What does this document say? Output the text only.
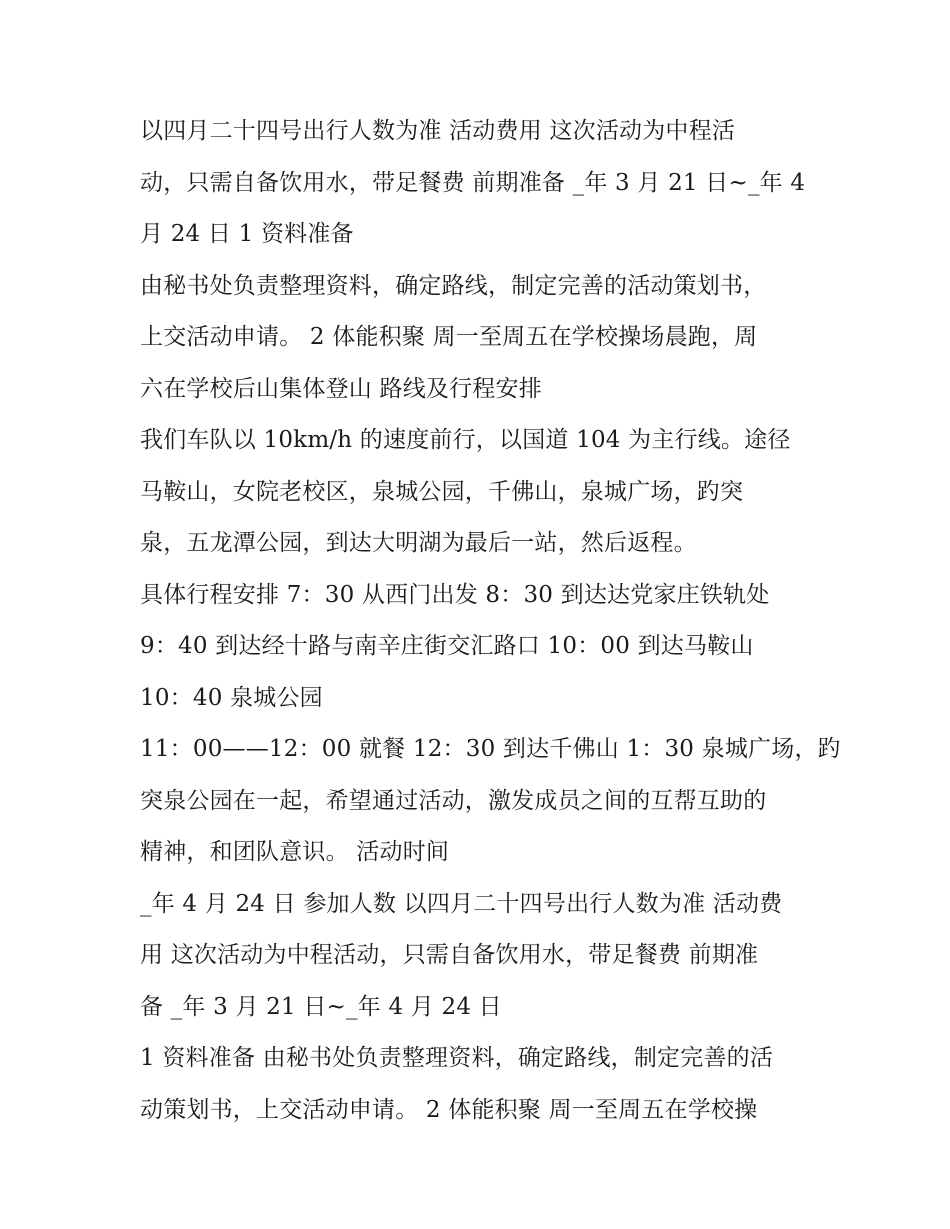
以四月二十四号出行人数为准 活动费用 这次活动为中程活
动，只需自备饮用水，带足餐费 前期准备 _年 3 月 21 日~_年 4
月 24 日 1 资料准备
由秘书处负责整理资料，确定路线，制定完善的活动策划书，
上交活动申请。 2 体能积聚 周一至周五在学校操场晨跑，周
六在学校后山集体登山 路线及行程安排
我们车队以 10km/h 的速度前行，以国道 104 为主行线。途径
马鞍山，女院老校区，泉城公园，千佛山，泉城广场，趵突
泉，五龙潭公园，到达大明湖为最后一站，然后返程。
具体行程安排 7：30 从西门出发 8：30 到达达党家庄铁轨处
9：40 到达经十路与南辛庄街交汇路口 10：00 到达马鞍山
10：40 泉城公园
11：00——12：00 就餐 12：30 到达千佛山 1：30 泉城广场，趵
突泉公园在一起，希望通过活动，激发成员之间的互帮互助的
精神，和团队意识。 活动时间
_年 4 月 24 日 参加人数 以四月二十四号出行人数为准 活动费
用 这次活动为中程活动，只需自备饮用水，带足餐费 前期准
备 _年 3 月 21 日~_年 4 月 24 日
1 资料准备 由秘书处负责整理资料，确定路线，制定完善的活
动策划书，上交活动申请。 2 体能积聚 周一至周五在学校操
